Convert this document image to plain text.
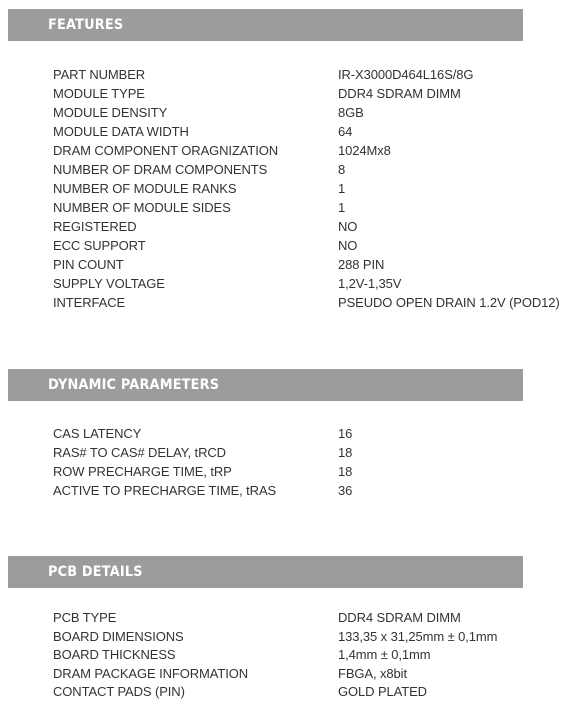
FEATURES
PART NUMBER	IR-X3000D464L16S/8G
MODULE TYPE	DDR4 SDRAM DIMM
MODULE DENSITY	8GB
MODULE DATA WIDTH	64
DRAM COMPONENT ORAGNIZATION	1024Mx8
NUMBER OF DRAM COMPONENTS	8
NUMBER OF MODULE RANKS	1
NUMBER OF MODULE SIDES	1
REGISTERED	NO
ECC SUPPORT	NO
PIN COUNT	288 PIN
SUPPLY VOLTAGE	1,2V-1,35V
INTERFACE	PSEUDO OPEN DRAIN 1.2V (POD12)
DYNAMIC PARAMETERS
CAS LATENCY	16
RAS# TO CAS# DELAY, tRCD	18
ROW PRECHARGE TIME, tRP	18
ACTIVE TO PRECHARGE TIME, tRAS	36
PCB DETAILS
PCB TYPE	DDR4 SDRAM DIMM
BOARD DIMENSIONS	133,35 x 31,25mm ± 0,1mm
BOARD THICKNESS	1,4mm ± 0,1mm
DRAM PACKAGE INFORMATION	FBGA, x8bit
CONTACT PADS (PIN)	GOLD PLATED
